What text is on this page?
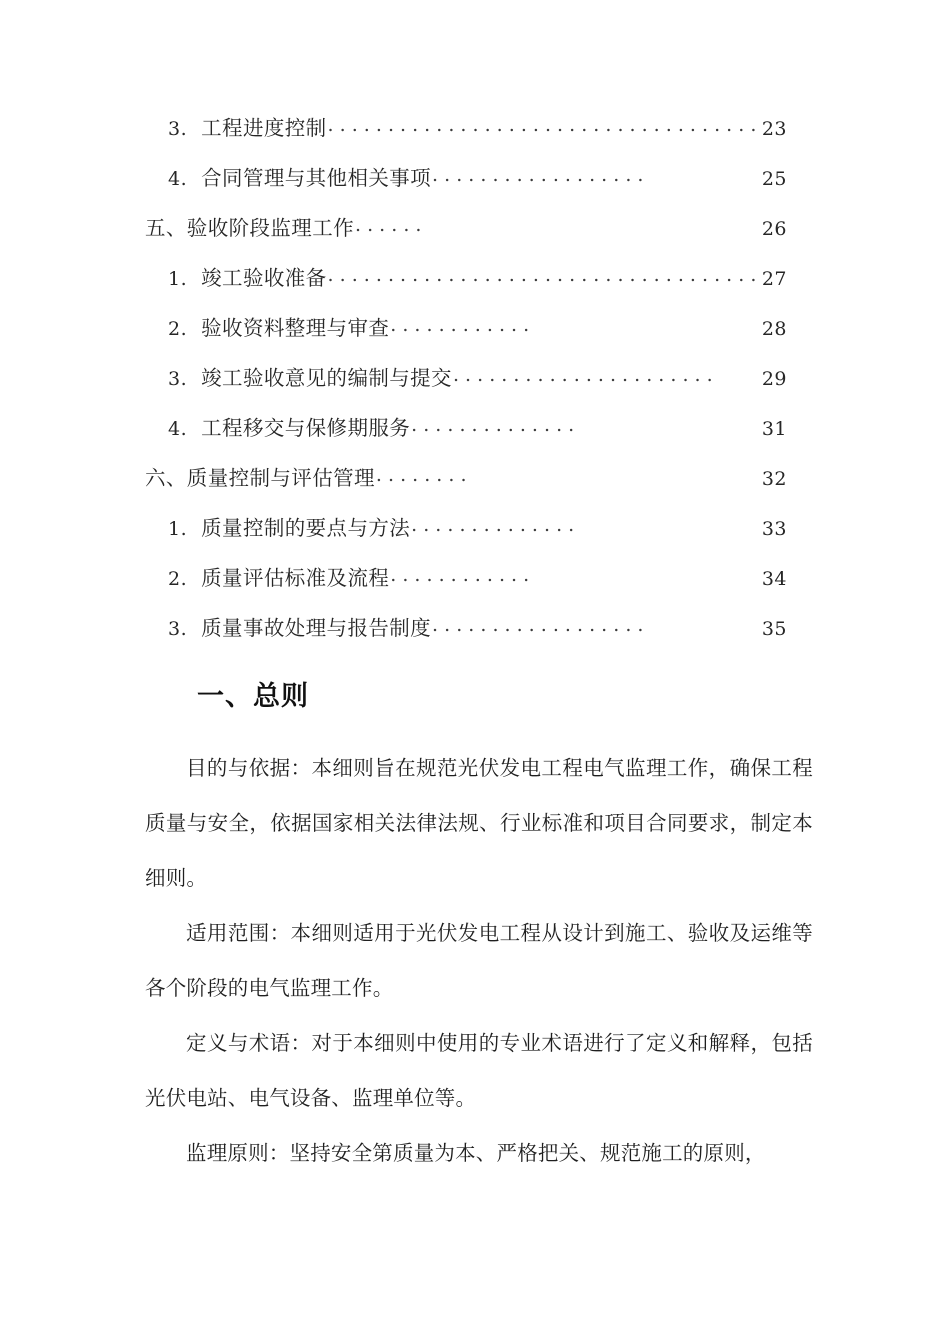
3. 工程进度控制 . . .	23
4. 合同管理与其他相关事项 . . .	25
五、验收阶段监理工作 . . .	26
1. 竣工验收准备 . . .	27
2. 验收资料整理与审查 . . .	28
3. 竣工验收意见的编制与提交 . . .	29
4. 工程移交与保修期服务 . . .	31
六、质量控制与评估管理 . . .	32
1. 质量控制的要点与方法 . . .	33
2. 质量评估标准及流程 . . .	34
3. 质量事故处理与报告制度 . . .	35
一、总则

目的与依据：本细则旨在规范光伏发电工程电气监理工作，确保工程质量与安全，依据国家相关法律法规、行业标准和项目合同要求，制定本细则。

适用范围：本细则适用于光伏发电工程从设计到施工、验收及运维等各个阶段的电气监理工作。

定义与术语：对于本细则中使用的专业术语进行了定义和解释，包括光伏电站、电气设备、监理单位等。

监理原则：坚持安全第质量为本、严格把关、规范施工的原则，
